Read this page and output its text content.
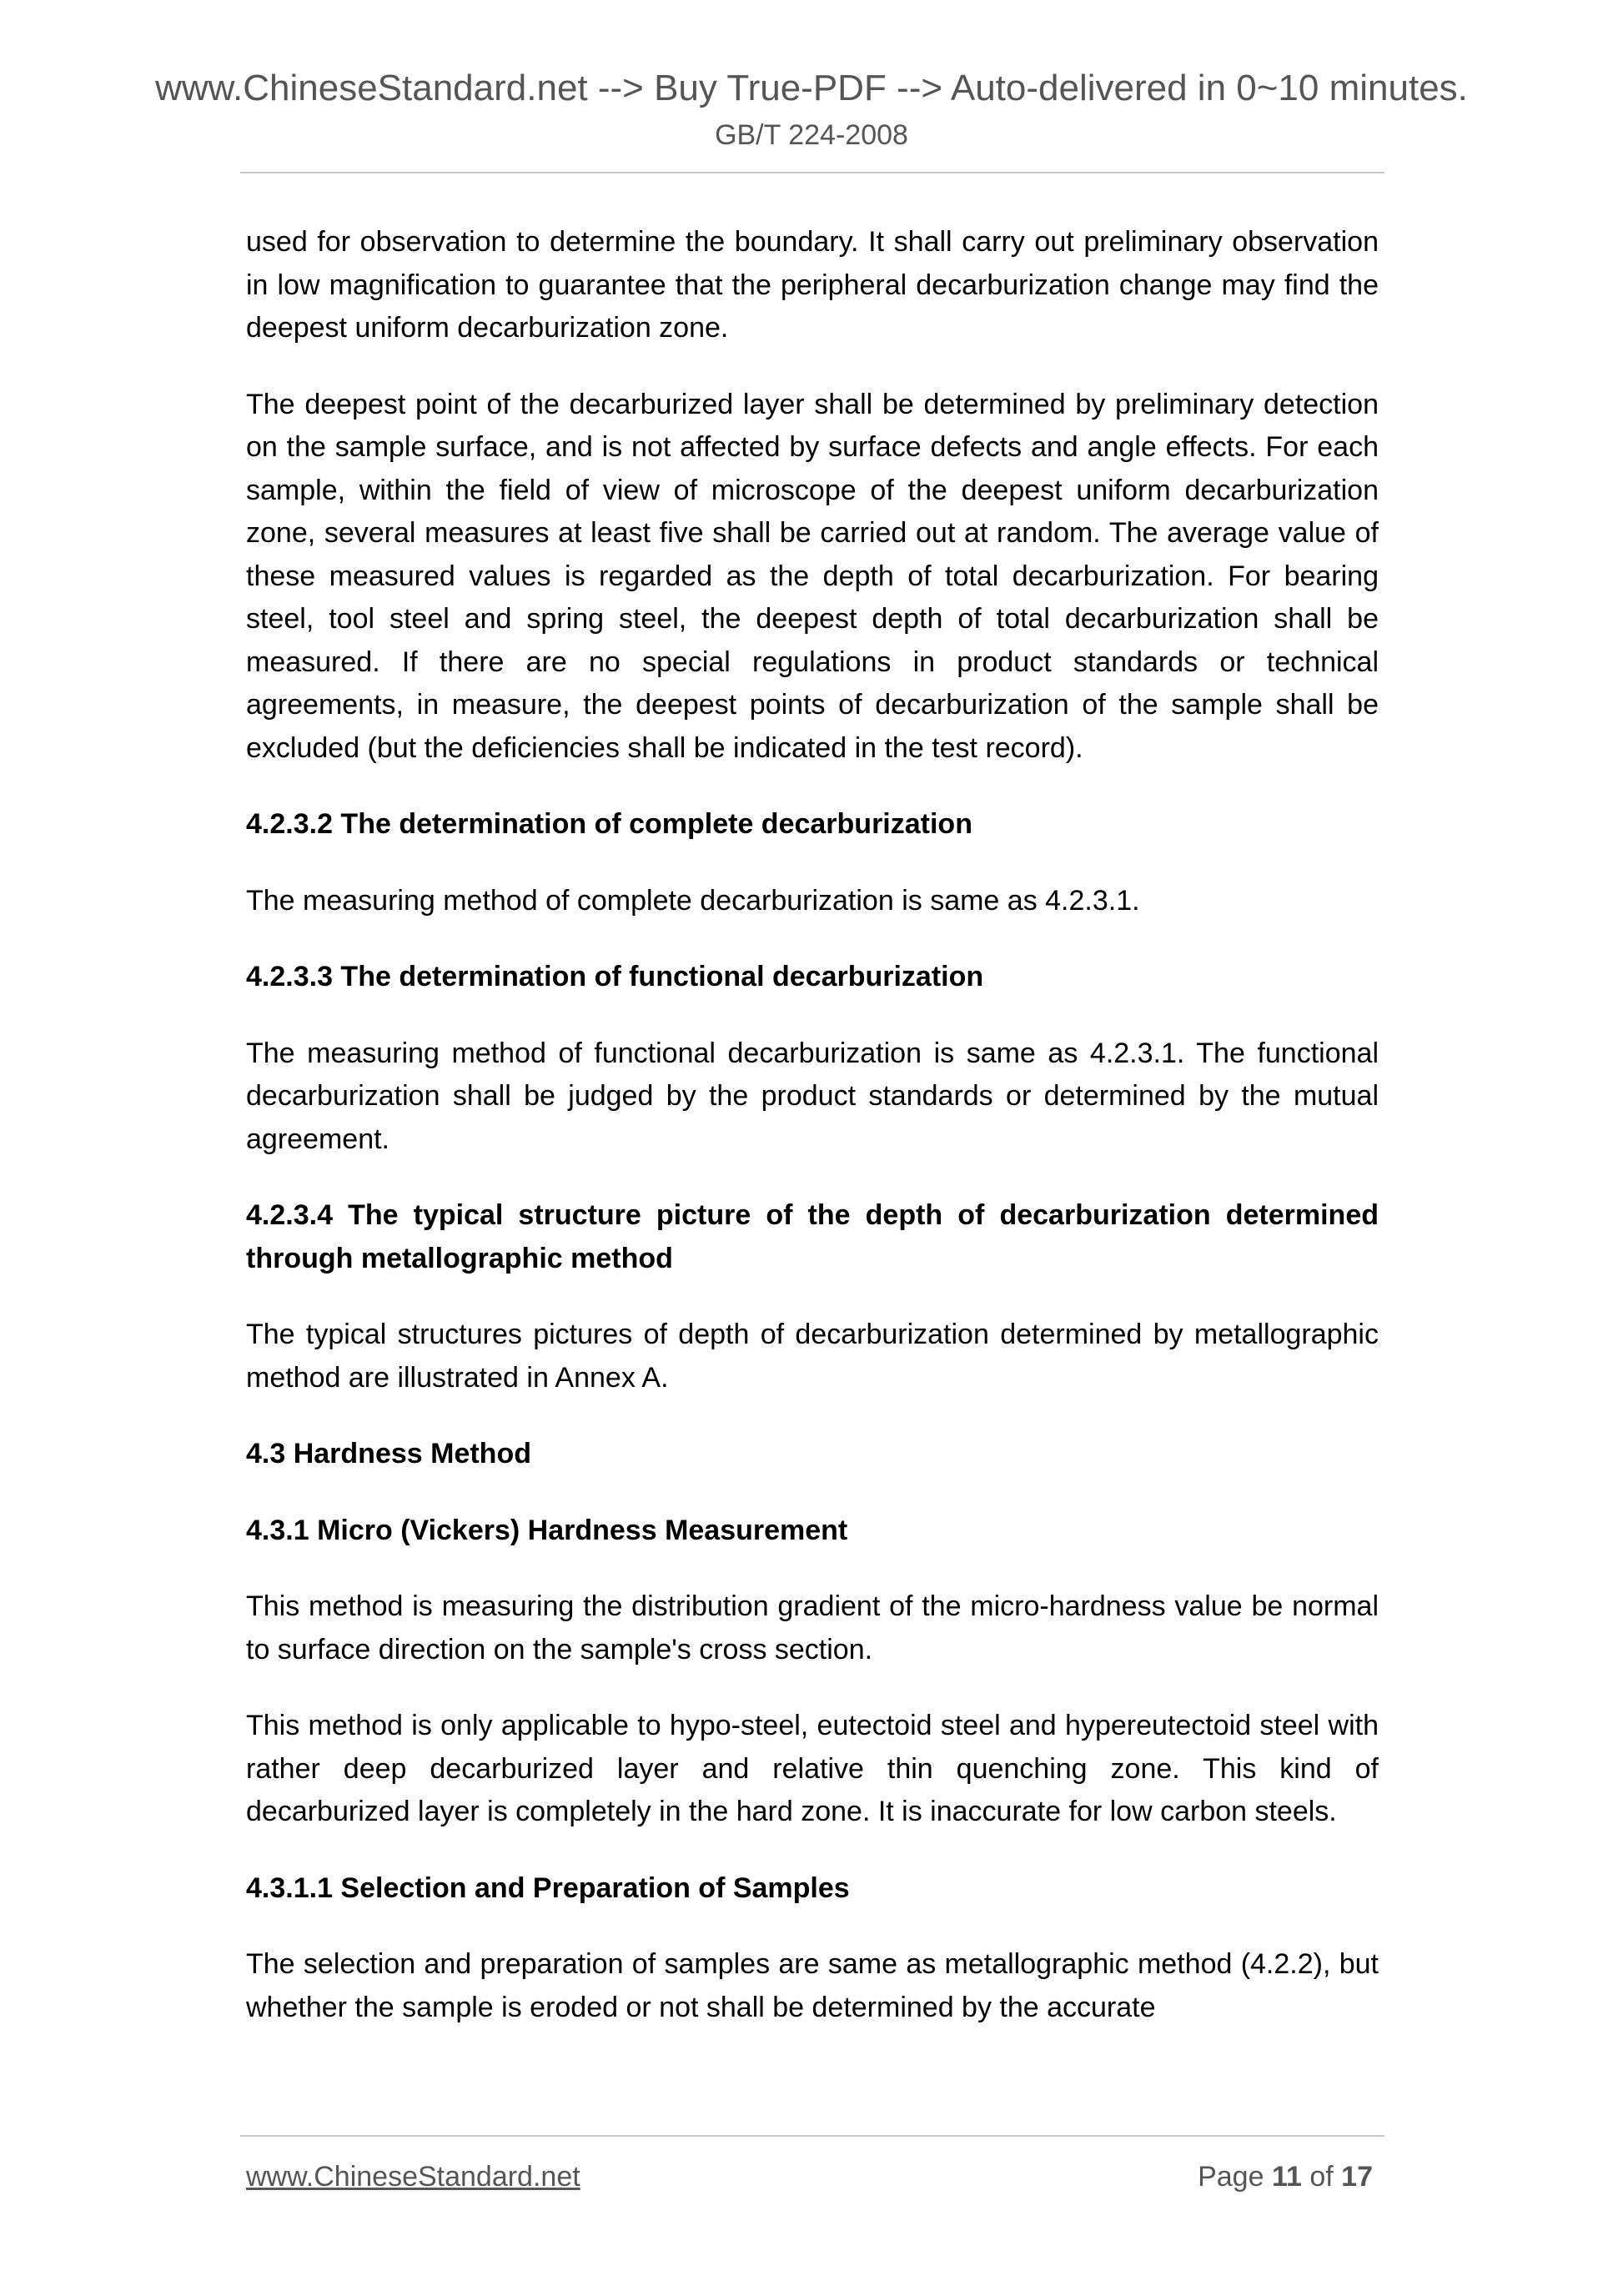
www.ChineseStandard.net --> Buy True-PDF --> Auto-delivered in 0~10 minutes.
GB/T 224-2008

used for observation to determine the boundary. It shall carry out preliminary observation in low magnification to guarantee that the peripheral decarburization change may find the deepest uniform decarburization zone.

The deepest point of the decarburized layer shall be determined by preliminary detection on the sample surface, and is not affected by surface defects and angle effects. For each sample, within the field of view of microscope of the deepest uniform decarburization zone, several measures at least five shall be carried out at random. The average value of these measured values is regarded as the depth of total decarburization. For bearing steel, tool steel and spring steel, the deepest depth of total decarburization shall be measured. If there are no special regulations in product standards or technical agreements, in measure, the deepest points of decarburization of the sample shall be excluded (but the deficiencies shall be indicated in the test record).

4.2.3.2 The determination of complete decarburization

The measuring method of complete decarburization is same as 4.2.3.1.

4.2.3.3 The determination of functional decarburization

The measuring method of functional decarburization is same as 4.2.3.1. The functional decarburization shall be judged by the product standards or determined by the mutual agreement.

4.2.3.4 The typical structure picture of the depth of decarburization determined through metallographic method

The typical structures pictures of depth of decarburization determined by metallographic method are illustrated in Annex A.

4.3 Hardness Method

4.3.1 Micro (Vickers) Hardness Measurement

This method is measuring the distribution gradient of the micro-hardness value be normal to surface direction on the sample's cross section.

This method is only applicable to hypo-steel, eutectoid steel and hypereutectoid steel with rather deep decarburized layer and relative thin quenching zone. This kind of decarburized layer is completely in the hard zone. It is inaccurate for low carbon steels.

4.3.1.1 Selection and Preparation of Samples

The selection and preparation of samples are same as metallographic method (4.2.2), but whether the sample is eroded or not shall be determined by the accurate

www.ChineseStandard.net	Page 11 of 17
